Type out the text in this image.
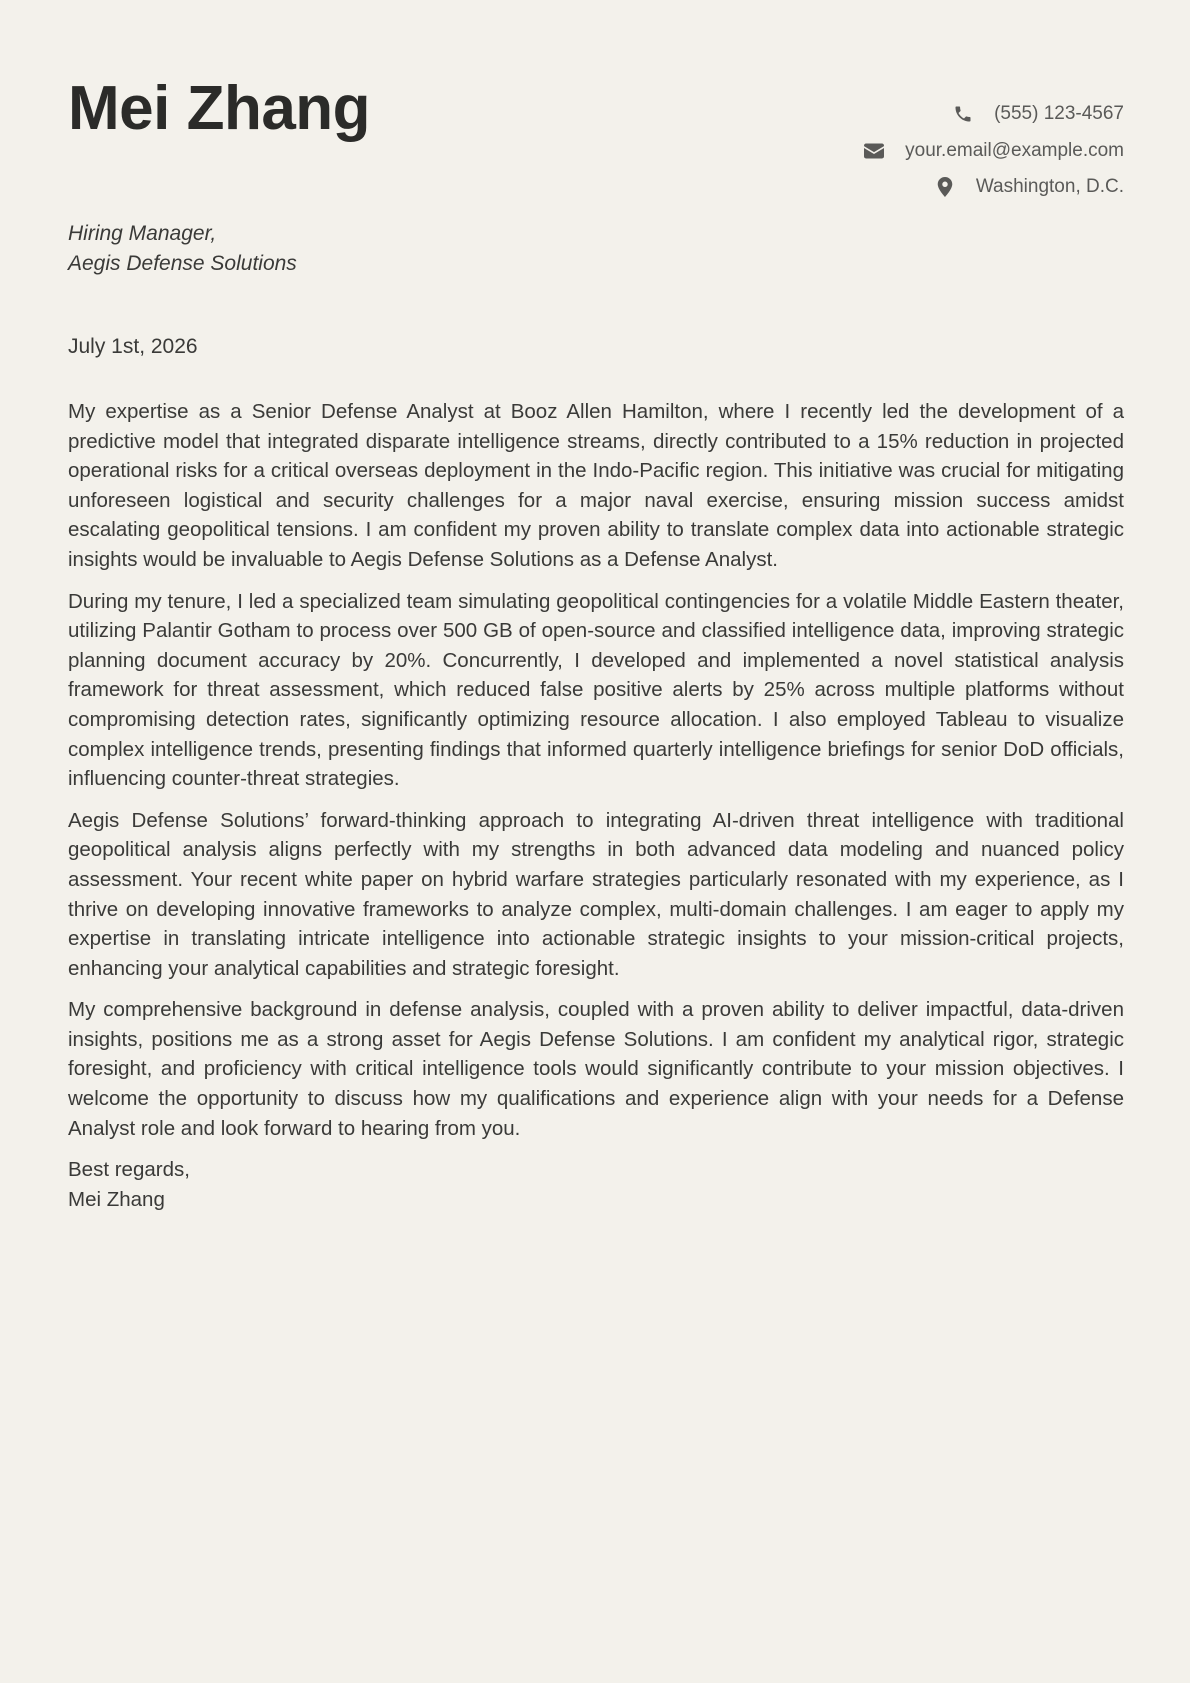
Mei Zhang	(555) 123-4567
your.email@example.com
Washington, D.C.
Hiring Manager,
Aegis Defense Solutions
July 1st, 2026

My expertise as a Senior Defense Analyst at Booz Allen Hamilton, where I recently led the development of a predictive model that integrated disparate intelligence streams, directly contributed to a 15% reduction in projected operational risks for a critical overseas deployment in the Indo-Pacific region. This initiative was crucial for mitigating unforeseen logistical and security challenges for a major naval exercise, ensuring mission success amidst escalating geopolitical tensions. I am confident my proven ability to translate complex data into actionable strategic insights would be invaluable to Aegis Defense Solutions as a Defense Analyst.

During my tenure, I led a specialized team simulating geopolitical contingencies for a volatile Middle Eastern theater, utilizing Palantir Gotham to process over 500 GB of open-source and classified intelligence data, improving strategic planning document accuracy by 20%. Concurrently, I developed and implemented a novel statistical analysis framework for threat assessment, which reduced false positive alerts by 25% across multiple platforms without compromising detection rates, significantly optimizing resource allocation. I also employed Tableau to visualize complex intelligence trends, presenting findings that informed quarterly intelligence briefings for senior DoD officials, influencing counter-threat strategies.

Aegis Defense Solutions’ forward-thinking approach to integrating AI-driven threat intelligence with traditional geopolitical analysis aligns perfectly with my strengths in both advanced data modeling and nuanced policy assessment. Your recent white paper on hybrid warfare strategies particularly resonated with my experience, as I thrive on developing innovative frameworks to analyze complex, multi-domain challenges. I am eager to apply my expertise in translating intricate intelligence into actionable strategic insights to your mission-critical projects, enhancing your analytical capabilities and strategic foresight.

My comprehensive background in defense analysis, coupled with a proven ability to deliver impactful, data-driven insights, positions me as a strong asset for Aegis Defense Solutions. I am confident my analytical rigor, strategic foresight, and proficiency with critical intelligence tools would significantly contribute to your mission objectives. I welcome the opportunity to discuss how my qualifications and experience align with your needs for a Defense Analyst role and look forward to hearing from you.

Best regards,
Mei Zhang
